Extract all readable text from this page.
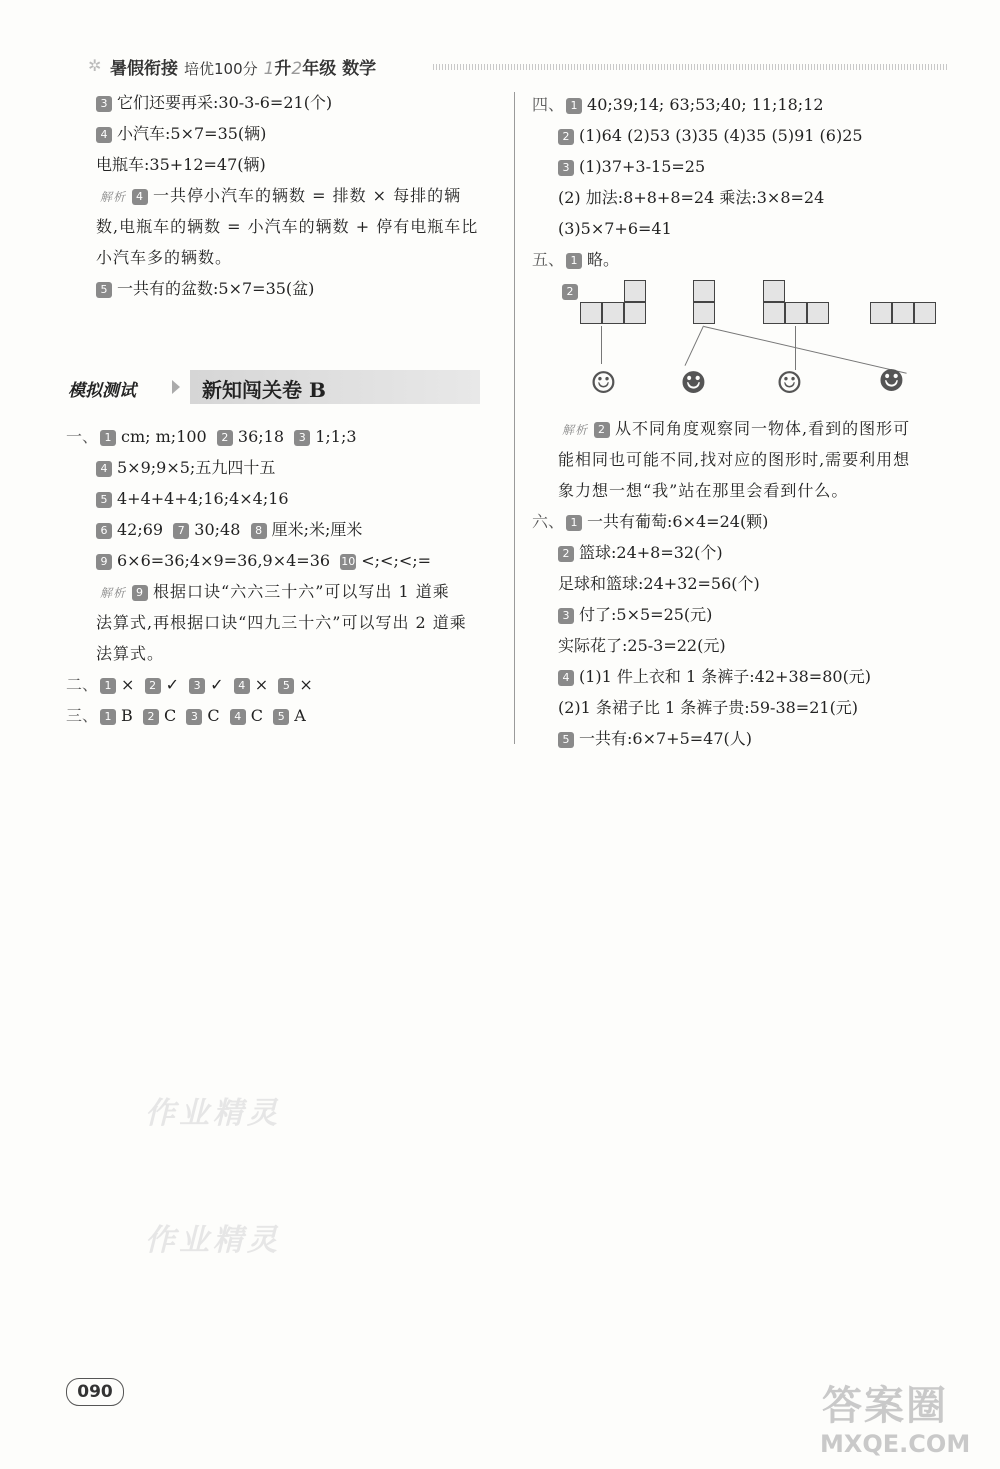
✲ 暑假衔接 培优100分 1升2年级 数学
3 它们还要再采:30-3-6=21(个)
4 小汽车:5×7=35(辆)
电瓶车:35+12=47(辆)
解析 4 一共停小汽车的辆数 = 排数 × 每排的辆
数,电瓶车的辆数 = 小汽车的辆数 + 停有电瓶车比
小汽车多的辆数。
5 一共有的盆数:5×7=35(盆)
模拟测试	新知闯关卷 B
一、 1 cm; m;100 2 36;18 3 1;1;3
4 5×9;9×5;五九四十五
5 4+4+4+4;16;4×4;16
6 42;69 7 30;48 8 厘米;米;厘米
9 6×6=36;4×9=36,9×4=36 10 <;<;<;=
解析 9 根据口诀“六六三十六”可以写出 1 道乘
法算式,再根据口诀“四九三十六”可以写出 2 道乘
法算式。
二、 1 × 2 ✓ 3 ✓ 4 × 5 ×
三、 1 B 2 C 3 C 4 C 5 A
四、 1 40;39;14; 63;53;40; 11;18;12
2 (1)64 (2)53 (3)35 (4)35 (5)91 (6)25
3 (1)37+3-15=25
(2) 加法:8+8+8=24 乘法:3×8=24
(3)5×7+6=41
五、 1 略。
2
☺ ☻ ☺	☻
解析 2 从不同角度观察同一物体,看到的图形可
能相同也可能不同,找对应的图形时,需要利用想
象力想一想“我”站在那里会看到什么。
六、 1 一共有葡萄:6×4=24(颗)
2 篮球:24+8=32(个)
足球和篮球:24+32=56(个)
3 付了:5×5=25(元)
实际花了:25-3=22(元)
4 (1)1 件上衣和 1 条裤子:42+38=80(元)
(2)1 条裙子比 1 条裤子贵:59-38=21(元)
5 一共有:6×7+5=47(人)
作业精灵
作业精灵
090	答案圈
MXQE.COM
